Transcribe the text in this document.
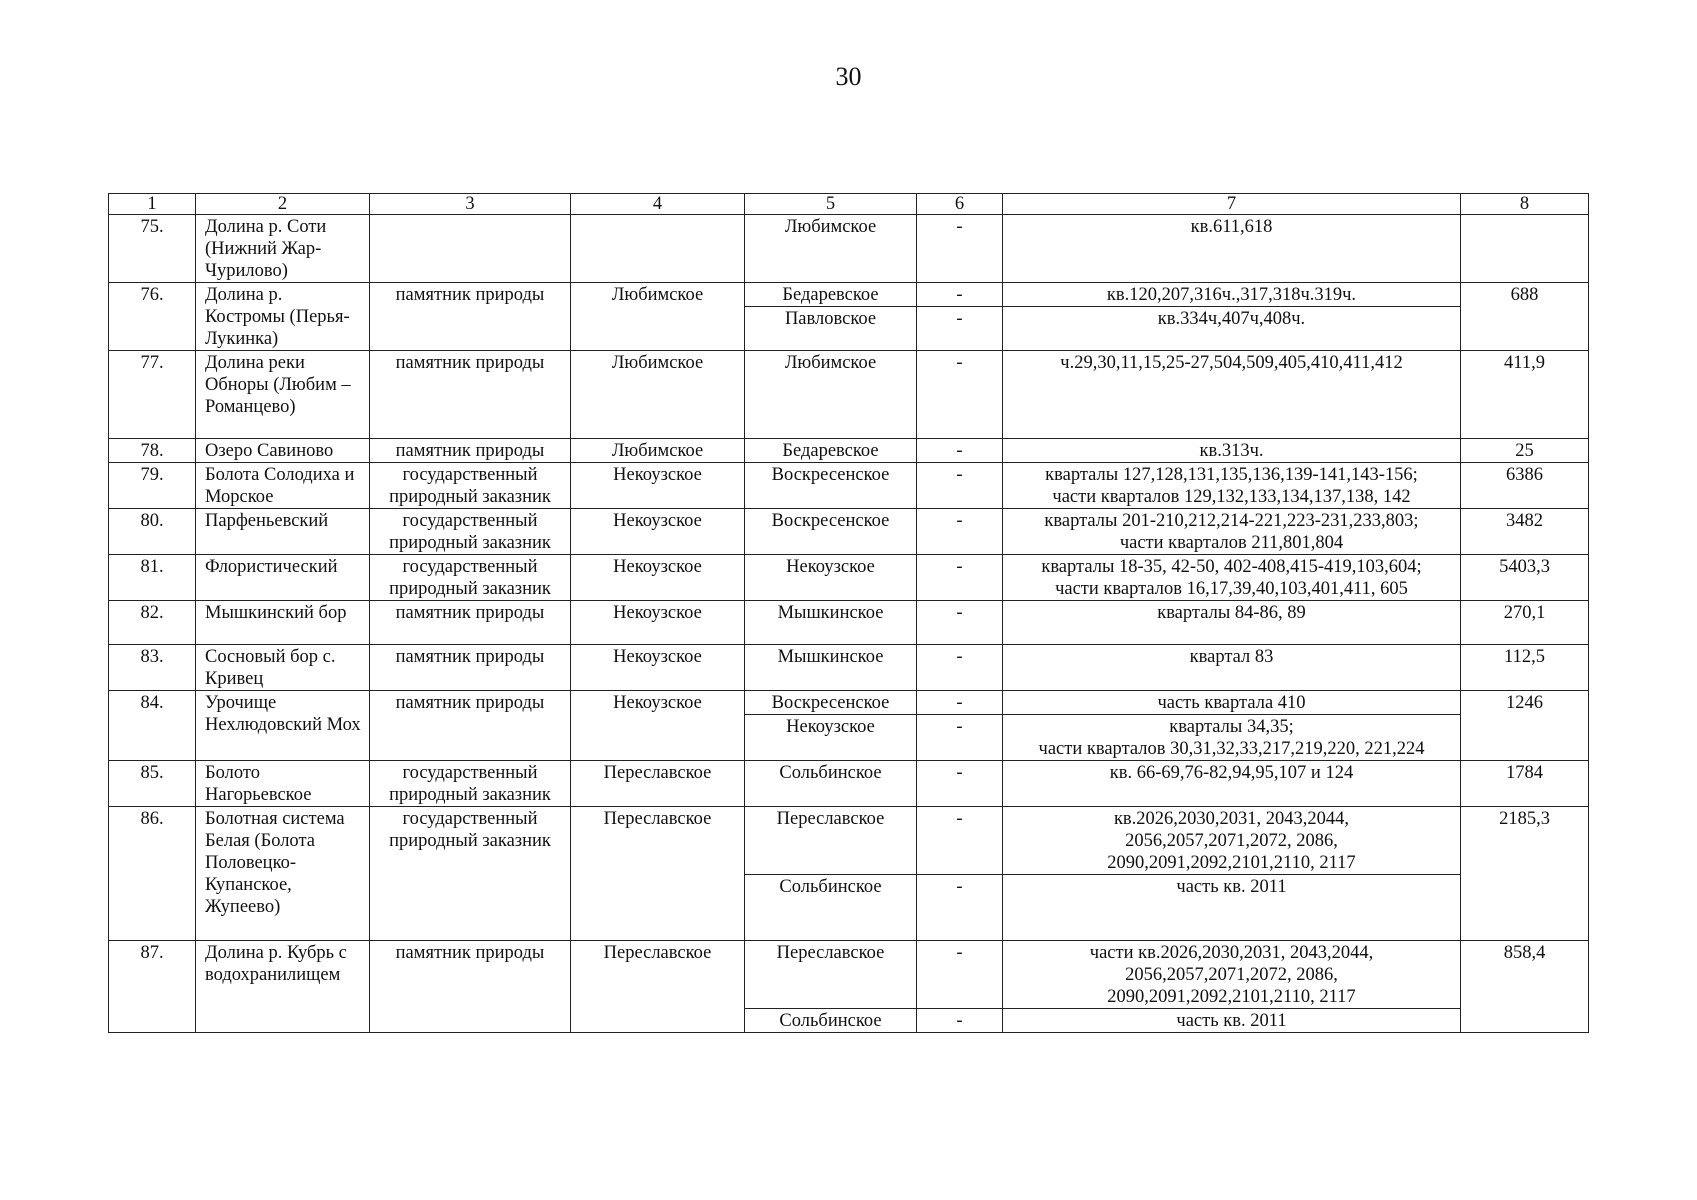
30
1	2	3	4	5	6	7	8
75.	Долина р. Соти (Нижний Жар-Чурилово)			Любимское	-	кв.611,618	
76.	Долина р. Костромы (Перья-Лукинка)	памятник природы	Любимское	Бедаревское	-	кв.120,207,316ч.,317,318ч.319ч.	688
				Павловское	-	кв.334ч,407ч,408ч.	
77.	Долина реки Обноры (Любим – Романцево)	памятник природы	Любимское	Любимское	-	ч.29,30,11,15,25-27,504,509,405,410,411,412	411,9
78.	Озеро Савиново	памятник природы	Любимское	Бедаревское	-	кв.313ч.	25
79.	Болота Солодиха и Морское	государственный природный заказник	Некоузское	Воскресенское	-	кварталы 127,128,131,135,136,139-141,143-156;
части кварталов 129,132,133,134,137,138, 142	6386
80.	Парфеньевский	государственный природный заказник	Некоузское	Воскресенское	-	кварталы 201-210,212,214-221,223-231,233,803;
части кварталов 211,801,804	3482
81.	Флористический	государственный природный заказник	Некоузское	Некоузское	-	кварталы 18-35, 42-50, 402-408,415-419,103,604;
части кварталов 16,17,39,40,103,401,411, 605	5403,3
82.	Мышкинский бор	памятник природы	Некоузское	Мышкинское	-	кварталы 84-86, 89	270,1
83.	Сосновый бор с. Кривец	памятник природы	Некоузское	Мышкинское	-	квартал 83	112,5
84.	Урочище Нехлюдовский Мох	памятник природы	Некоузское	Воскресенское	-	часть квартала 410	1246
				Некоузское	-	кварталы 34,35;
части кварталов 30,31,32,33,217,219,220, 221,224	
85.	Болото Нагорьевское	государственный природный заказник	Переславское	Сольбинское	-	кв. 66-69,76-82,94,95,107 и 124	1784
86.	Болотная система Белая (Болота Половецко-Купанское, Жупеево)	государственный природный заказник	Переславское	Переславское	-	кв.2026,2030,2031, 2043,2044,
2056,2057,2071,2072, 2086,
2090,2091,2092,2101,2110, 2117	2185,3
				Сольбинское	-	часть кв. 2011	
87.	Долина р. Кубрь с водохранилищем	памятник природы	Переславское	Переславское	-	части кв.2026,2030,2031, 2043,2044,
2056,2057,2071,2072, 2086,
2090,2091,2092,2101,2110, 2117	858,4
				Сольбинское	-	часть кв. 2011	
